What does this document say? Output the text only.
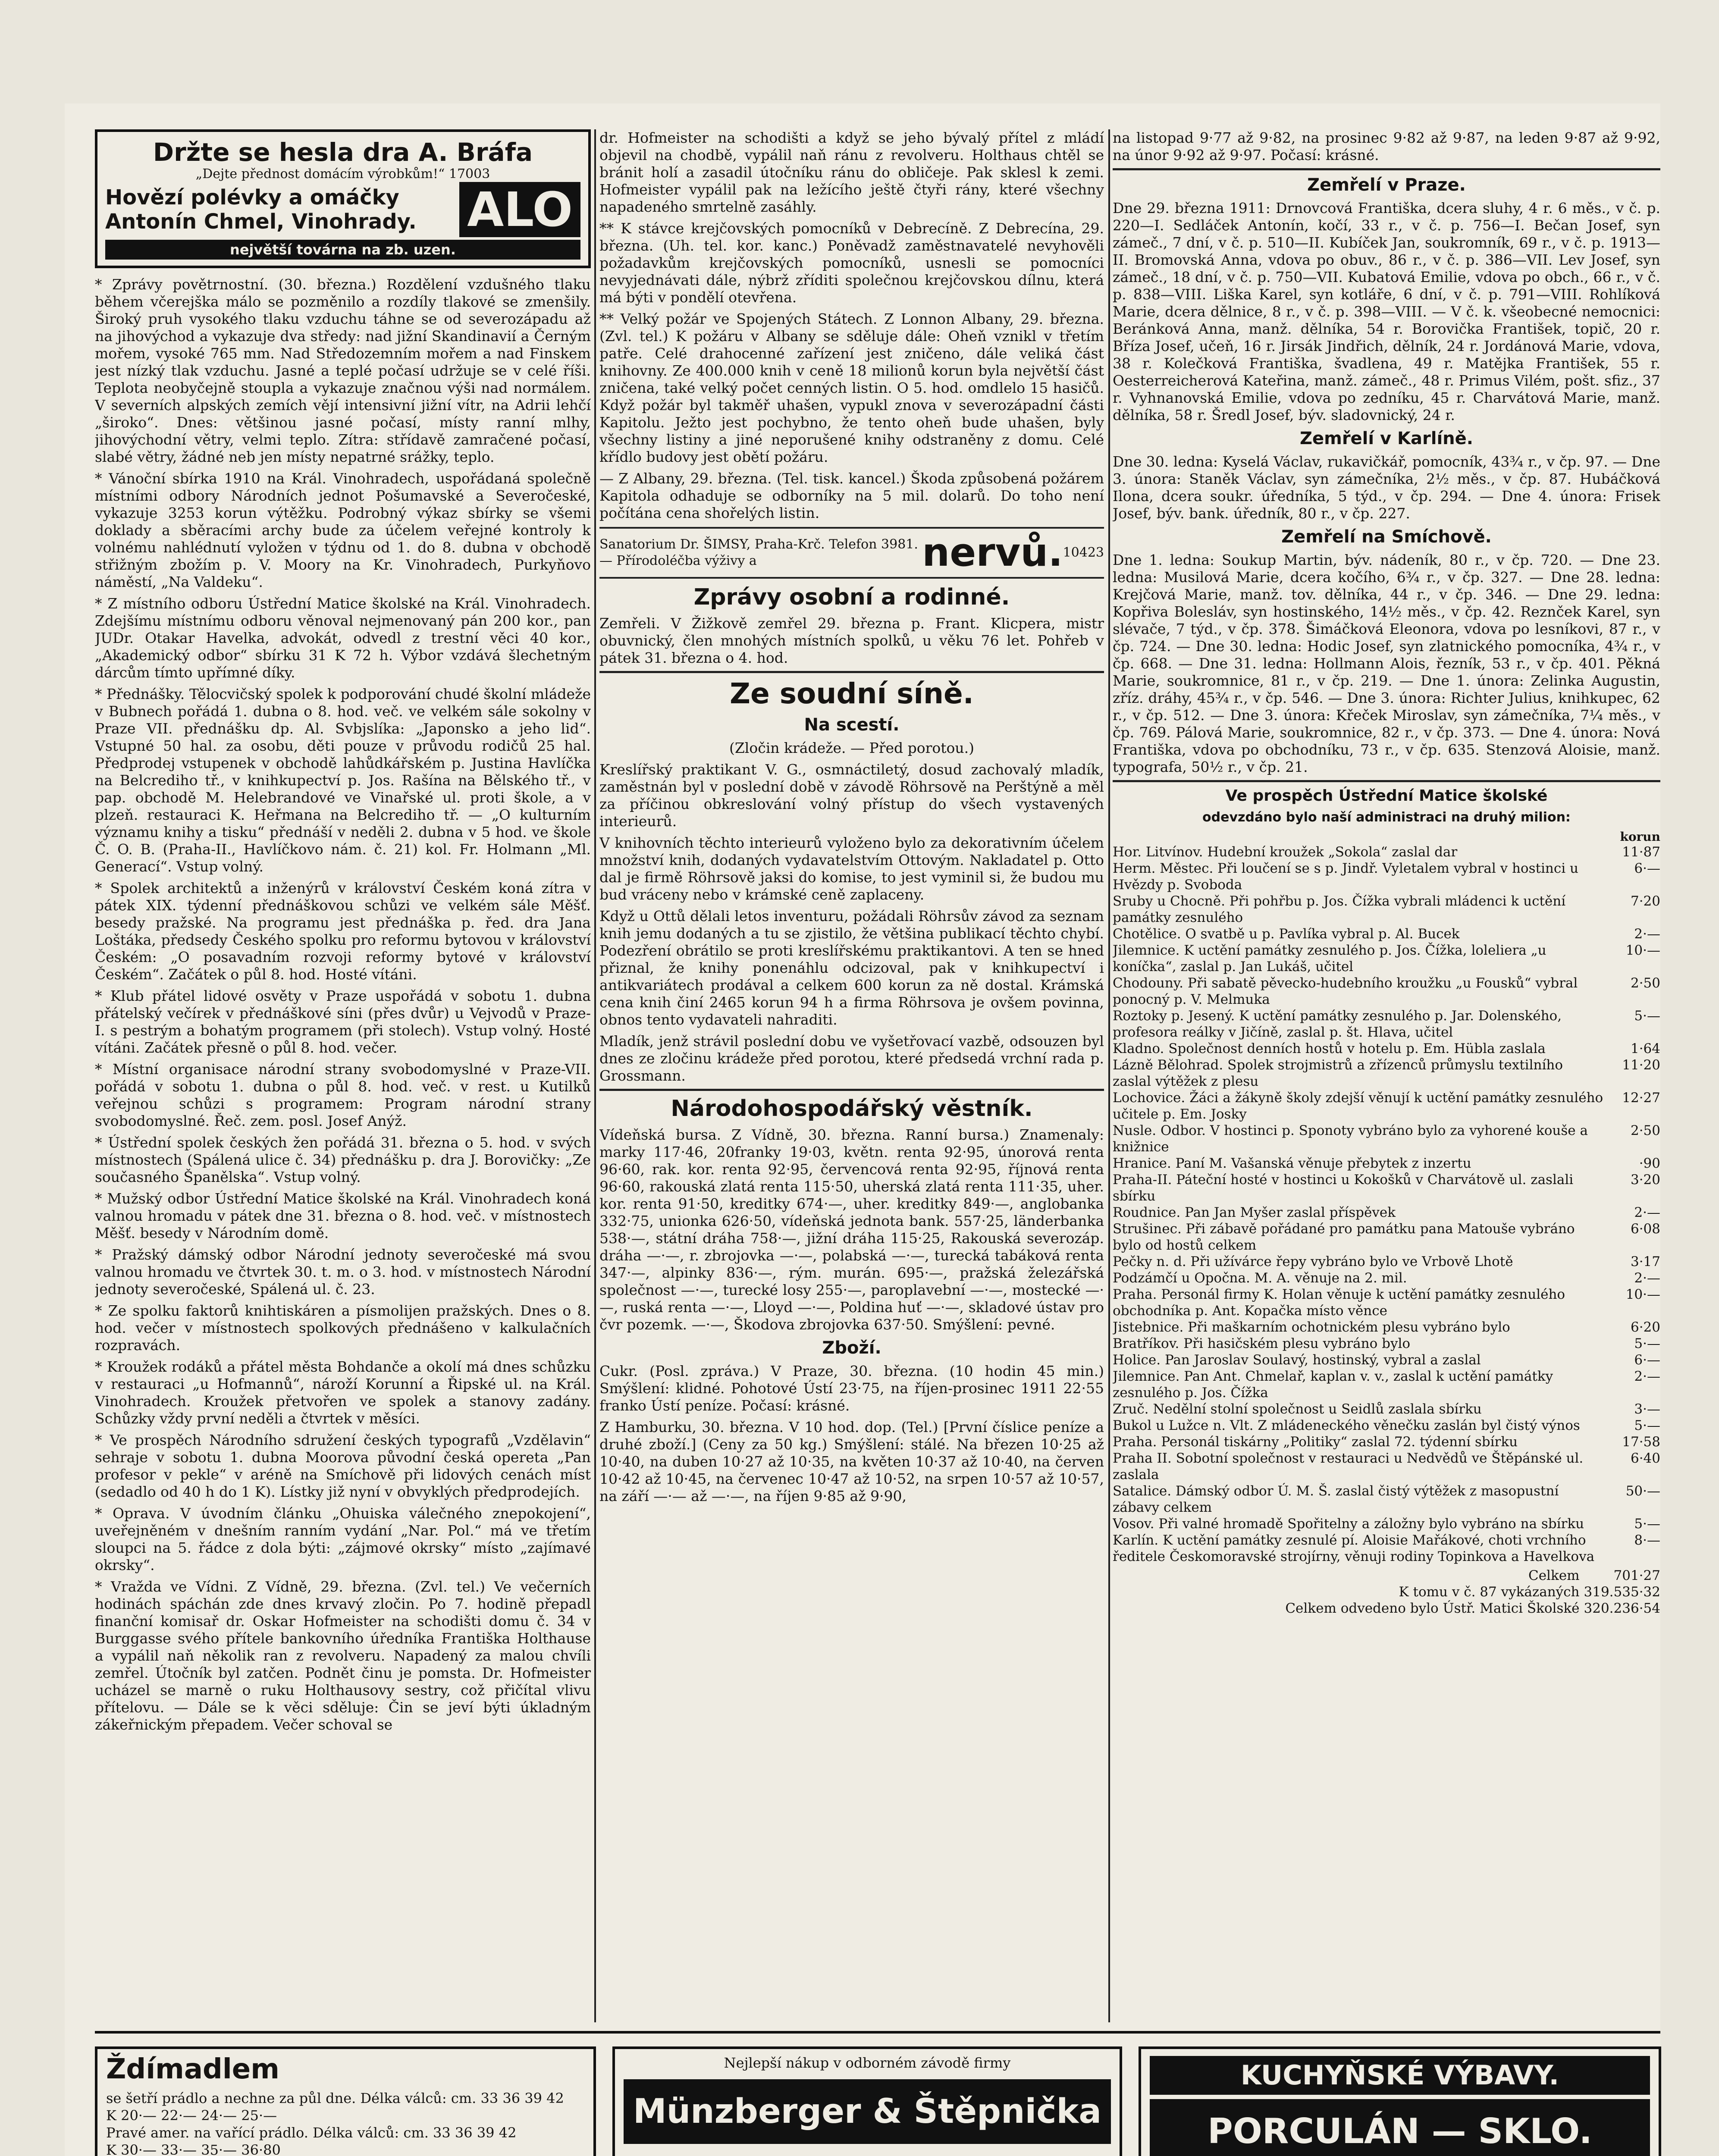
Držte se hesla dra A. Bráfa
„Dejte přednost domácím výrobkům!“ 17003
Hovězí polévky a omáčky
Antonín Chmel, Vinohrady.	ALO
největší továrna na zb. uzen.

* Zprávy povětrnostní. (30. března.) Rozdělení vzdušného tlaku během včerejška málo se pozměnilo a rozdíly tlakové se zmenšily. Široký pruh vysokého tlaku vzduchu táhne se od severozápadu až na jihovýchod a vykazuje dva středy: nad jižní Skandinavií a Černým mořem, vysoké 765 mm. Nad Středozemním mořem a nad Finskem jest nízký tlak vzduchu. Jasné a teplé počasí udržuje se v celé říši. Teplota neobyčejně stoupla a vykazuje značnou výši nad normálem. V severních alpských zemích vějí intensivní jižní vítr, na Adrii lehčí „široko“. Dnes: většinou jasné počasí, místy ranní mlhy, jihovýchodní větry, velmi teplo. Zítra: střídavě zamračené počasí, slabé větry, žádné neb jen místy nepatrné srážky, teplo.

* Vánoční sbírka 1910 na Král. Vinohradech, uspořádaná společně místními odbory Národních jednot Pošumavské a Severočeské, vykazuje 3253 korun výtěžku. Podrobný výkaz sbírky se všemi doklady a sběracími archy bude za účelem veřejné kontroly k volnému nahlédnutí vyložen v týdnu od 1. do 8. dubna v obchodě střižným zbožím p. V. Moory na Kr. Vinohradech, Purkyňovo náměstí, „Na Valdeku“.

* Z místního odboru Ústřední Matice školské na Král. Vinohradech. Zdejšímu místnímu odboru věnoval nejmenovaný pán 200 kor., pan JUDr. Otakar Havelka, advokát, odvedl z trestní věci 40 kor., „Akademický odbor“ sbírku 31 K 72 h. Výbor vzdává šlechetným dárcům tímto upřímné díky.

* Přednášky. Tělocvičský spolek k podporování chudé školní mládeže v Bubnech pořádá 1. dubna o 8. hod. več. ve velkém sále sokolny v Praze VII. přednášku dp. Al. Svbjslíka: „Japonsko a jeho lid“. Vstupné 50 hal. za osobu, děti pouze v průvodu rodičů 25 hal. Předprodej vstupenek v obchodě lahůdkářském p. Justina Havlíčka na Belcrediho tř., v knihkupectví p. Jos. Rašína na Bělského tř., v pap. obchodě M. Helebrandové ve Vinařské ul. proti škole, a v plzeň. restauraci K. Heřmana na Belcrediho tř. — „O kulturním významu knihy a tisku“ přednáší v neděli 2. dubna v 5 hod. ve škole Č. O. B. (Praha-II., Havlíčkovo nám. č. 21) kol. Fr. Holmann „Ml. Generací“. Vstup volný.

* Spolek architektů a inženýrů v království Českém koná zítra v pátek XIX. týdenní přednáškovou schůzi ve velkém sále Měšť. besedy pražské. Na programu jest přednáška p. řed. dra Jana Loštáka, předsedy Českého spolku pro reformu bytovou v království Českém: „O posavadním rozvoji reformy bytové v království Českém“. Začátek o půl 8. hod. Hosté vítáni.

* Klub přátel lidové osvěty v Praze uspořádá v sobotu 1. dubna přátelský večírek v přednáškové síni (přes dvůr) u Vejvodů v Praze-I. s pestrým a bohatým programem (při stolech). Vstup volný. Hosté vítáni. Začátek přesně o půl 8. hod. večer.

* Místní organisace národní strany svobodomyslné v Praze-VII. pořádá v sobotu 1. dubna o půl 8. hod. več. v rest. u Kutilků veřejnou schůzi s programem: Program národní strany svobodomyslné. Řeč. zem. posl. Josef Anýž.

* Ústřední spolek českých žen pořádá 31. března o 5. hod. v svých místnostech (Spálená ulice č. 34) přednášku p. dra J. Borovičky: „Ze současného Španělska“. Vstup volný.

* Mužský odbor Ústřední Matice školské na Král. Vinohradech koná valnou hromadu v pátek dne 31. března o 8. hod. več. v místnostech Měšť. besedy v Národním domě.

* Pražský dámský odbor Národní jednoty severočeské má svou valnou hromadu ve čtvrtek 30. t. m. o 3. hod. v místnostech Národní jednoty severočeské, Spálená ul. č. 23.

* Ze spolku faktorů knihtiskáren a písmolijen pražských. Dnes o 8. hod. večer v místnostech spolkových přednášeno v kalkulačních rozpravách.

* Kroužek rodáků a přátel města Bohdanče a okolí má dnes schůzku v restauraci „u Hofmannů“, nároží Korunní a Řipské ul. na Král. Vinohradech. Kroužek přetvořen ve spolek a stanovy zadány. Schůzky vždy první neděli a čtvrtek v měsíci.

* Ve prospěch Národního sdružení českých typografů „Vzdělavin“ sehraje v sobotu 1. dubna Moorova původní česká opereta „Pan profesor v pekle“ v aréně na Smíchově při lidových cenách míst (sedadlo od 40 h do 1 K). Lístky již nyní v obvyklých předprodejích.

* Oprava. V úvodním článku „Ohuiska válečného znepokojení“, uveřejněném v dnešním ranním vydání „Nar. Pol.“ má ve třetím sloupci na 5. řádce z dola býti: „zájmové okrsky“ místo „zajímavé okrsky“.

* Vražda ve Vídni. Z Vídně, 29. března. (Zvl. tel.) Ve večerních hodinách spáchán zde dnes krvavý zločin. Po 7. hodině přepadl finanční komisař dr. Oskar Hofmeister na schodišti domu č. 34 v Burggasse svého přítele bankovního úředníka Františka Holthause a vypálil naň několik ran z revolveru. Napadený za malou chvíli zemřel. Útočník byl zatčen. Podnět činu je pomsta. Dr. Hofmeister ucházel se marně o ruku Holthausovy sestry, což přičítal vlivu přítelovu. — Dále se k věci sděluje: Čin se jeví býti úkladným zákeřnickým přepadem. Večer schoval se

dr. Hofmeister na schodišti a když se jeho bývalý přítel z mládí objevil na chodbě, vypálil naň ránu z revolveru. Holthaus chtěl se bránit holí a zasadil útočníku ránu do obličeje. Pak sklesl k zemi. Hofmeister vypálil pak na ležícího ještě čtyři rány, které všechny napadeného smrtelně zasáhly.

** K stávce krejčovských pomocníků v Debrecíně. Z Debrecína, 29. března. (Uh. tel. kor. kanc.) Poněvadž zaměstnavatelé nevyhověli požadavkům krejčovských pomocníků, usnesli se pomocníci nevyjednávati dále, nýbrž zříditi společnou krejčovskou dílnu, která má býti v pondělí otevřena.

** Velký požár ve Spojených Státech. Z Lonnon Albany, 29. března. (Zvl. tel.) K požáru v Albany se sděluje dále: Oheň vznikl v třetím patře. Celé drahocenné zařízení jest zničeno, dále veliká část knihovny. Ze 400.000 knih v ceně 18 milionů korun byla největší část zničena, také velký počet cenných listin. O 5. hod. omdlelo 15 hasičů. Když požár byl takměř uhašen, vypukl znova v severozápadní části Kapitolu. Ježto jest pochybno, že tento oheň bude uhašen, byly všechny listiny a jiné neporušené knihy odstraněny z domu. Celé křídlo budovy jest obětí požáru.

— Z Albany, 29. března. (Tel. tisk. kancel.) Škoda způsobená požárem Kapitola odhaduje se odborníky na 5 mil. dolarů. Do toho není počítána cena shořelých listin.

Sanatorium Dr. ŠIMSY, Praha-Krč. Telefon 3981. — Přírodoléčba výživy a	nervů. 10423
Zprávy osobní a rodinné.

Zemřeli. V Žižkově zemřel 29. března p. Frant. Klicpera, mistr obuvnický, člen mnohých místních spolků, u věku 76 let. Pohřeb v pátek 31. března o 4. hod.

Ze soudní síně.
Na scestí.

(Zločin krádeže. — Před porotou.)

Kreslířský praktikant V. G., osmnáctiletý, dosud zachovalý mladík, zaměstnán byl v poslední době v závodě Röhrsově na Perštýně a měl za příčinou obkreslování volný přístup do všech vystavených interieurů.

V knihovních těchto interieurů vyloženo bylo za dekorativním účelem množství knih, dodaných vydavatelstvím Ottovým. Nakladatel p. Otto dal je firmě Röhrsově jaksi do komise, to jest vyminil si, že budou mu bud vráceny nebo v krámské ceně zaplaceny.

Když u Ottů dělali letos inventuru, požádali Röhrsův závod za seznam knih jemu dodaných a tu se zjistilo, že většina publikací těchto chybí. Podezření obrátilo se proti kreslířskému praktikantovi. A ten se hned přiznal, že knihy ponenáhlu odcizoval, pak v knihkupectví i antikvariátech prodával a celkem 600 korun za ně dostal. Krámská cena knih činí 2465 korun 94 h a firma Röhrsova je ovšem povinna, obnos tento vydavateli nahraditi.

Mladík, jenž strávil poslední dobu ve vyšetřovací vazbě, odsouzen byl dnes ze zločinu krádeže před porotou, které předsedá vrchní rada p. Grossmann.

Národohospodářský věstník.

Vídeňská bursa. Z Vídně, 30. března. Ranní bursa.) Znamenaly: marky 117·46, 20franky 19·03, květn. renta 92·95, únorová renta 96·60, rak. kor. renta 92·95, červencová renta 92·95, říjnová renta 96·60, rakouská zlatá renta 115·50, uherská zlatá renta 111·35, uher. kor. renta 91·50, kreditky 674·—, uher. kreditky 849·—, anglobanka 332·75, unionka 626·50, vídeňská jednota bank. 557·25, länderbanka 538·—, státní dráha 758·—, jižní dráha 115·25, Rakouská severozáp. dráha —·—, r. zbrojovka —·—, polabská —·—, turecká tabáková renta 347·—, alpinky 836·—, rým. murán. 695·—, pražská železářská společnost —·—, turecké losy 255·—, paroplavební —·—, mostecké —·—, ruská renta —·—, Lloyd —·—, Poldina huť —·—, skladové ústav pro čvr pozemk. —·—, Škodova zbrojovka 637·50. Smýšlení: pevné.

Zboží.

Cukr. (Posl. zpráva.) V Praze, 30. března. (10 hodin 45 min.) Smýšlení: klidné. Pohotové Ústí 23·75, na říjen-prosinec 1911 22·55 franko Ústí peníze. Počasí: krásné.

Z Hamburku, 30. března. V 10 hod. dop. (Tel.) [První číslice peníze a druhé zboží.] (Ceny za 50 kg.) Smýšlení: stálé. Na březen 10·25 až 10·40, na duben 10·27 až 10·35, na květen 10·37 až 10·40, na červen 10·42 až 10·45, na červenec 10·47 až 10·52, na srpen 10·57 až 10·57, na září —·— až —·—, na říjen 9·85 až 9·90,

na listopad 9·77 až 9·82, na prosinec 9·82 až 9·87, na leden 9·87 až 9·92, na únor 9·92 až 9·97. Počasí: krásné.

Zemřelí v Praze.

Dne 29. března 1911: Drnovcová Františka, dcera sluhy, 4 r. 6 měs., v č. p. 220—I. Sedláček Antonín, kočí, 33 r., v č. p. 756—I. Bečan Josef, syn zámeč., 7 dní, v č. p. 510—II. Kubíček Jan, soukromník, 69 r., v č. p. 1913—II. Bromovská Anna, vdova po obuv., 86 r., v č. p. 386—VII. Lev Josef, syn zámeč., 18 dní, v č. p. 750—VII. Kubatová Emilie, vdova po obch., 66 r., v č. p. 838—VIII. Liška Karel, syn kotláře, 6 dní, v č. p. 791—VIII. Rohlíková Marie, dcera dělnice, 8 r., v č. p. 398—VIII. — V č. k. všeobecné nemocnici: Beránková Anna, manž. dělníka, 54 r. Borovička František, topič, 20 r. Bříza Josef, učeň, 16 r. Jirsák Jindřich, dělník, 24 r. Jordánová Marie, vdova, 38 r. Kolečková Františka, švadlena, 49 r. Matějka František, 55 r. Oesterreicherová Kateřina, manž. zámeč., 48 r. Primus Vilém, pošt. sfiz., 37 r. Vyhnanovská Emilie, vdova po zedníku, 45 r. Charvátová Marie, manž. dělníka, 58 r. Šredl Josef, býv. sladovnický, 24 r.

Zemřelí v Karlíně.

Dne 30. ledna: Kyselá Václav, rukavičkář, pomocník, 43¾ r., v čp. 97. — Dne 3. února: Staněk Václav, syn zámečníka, 2½ měs., v čp. 87. Hubáčková Ilona, dcera soukr. úředníka, 5 týd., v čp. 294. — Dne 4. února: Frisek Josef, býv. bank. úředník, 80 r., v čp. 227.

Zemřelí na Smíchově.

Dne 1. ledna: Soukup Martin, býv. nádeník, 80 r., v čp. 720. — Dne 23. ledna: Musilová Marie, dcera kočího, 6¾ r., v čp. 327. — Dne 28. ledna: Krejčová Marie, manž. tov. dělníka, 44 r., v čp. 346. — Dne 29. ledna: Kopřiva Bolesláv, syn hostinského, 14½ měs., v čp. 42. Reznček Karel, syn slévače, 7 týd., v čp. 378. Šimáčková Eleonora, vdova po lesníkovi, 87 r., v čp. 724. — Dne 30. ledna: Hodic Josef, syn zlatnického pomocníka, 4¾ r., v čp. 668. — Dne 31. ledna: Hollmann Alois, řezník, 53 r., v čp. 401. Pěkná Marie, soukromnice, 81 r., v čp. 219. — Dne 1. února: Zelinka Augustin, zříz. dráhy, 45¾ r., v čp. 546. — Dne 3. února: Richter Julius, knihkupec, 62 r., v čp. 512. — Dne 3. února: Křeček Miroslav, syn zámečníka, 7¼ měs., v čp. 769. Pálová Marie, soukromnice, 82 r., v čp. 373. — Dne 4. února: Nová Františka, vdova po obchodníku, 73 r., v čp. 635. Stenzová Aloisie, manž. typografa, 50½ r., v čp. 21.

Ve prospěch Ústřední Matice školské
odevzdáno bylo naší administraci na druhý milion:
korun
Hor. Litvínov. Hudební kroužek „Sokola“ zaslal dar	11·87
Herm. Městec. Při loučení se s p. Jindř. Vyletalem vybral v hostinci u Hvězdy p. Svoboda	6·—
Sruby u Chocně. Při pohřbu p. Jos. Čížka vybrali mládenci k uctění památky zesnulého	7·20
Chotělice. O svatbě u p. Pavlíka vybral p. Al. Bucek	2·—
Jilemnice. K uctění památky zesnulého p. Jos. Čížka, loleliera „u koníčka“, zaslal p. Jan Lukáš, učitel	10·—
Chodouny. Při sabatě pěvecko-hudebního kroužku „u Fousků“ vybral ponocný p. V. Melmuka	2·50
Roztoky p. Jesený. K uctění památky zesnulého p. Jar. Dolenského, profesora reálky v Jičíně, zaslal p. št. Hlava, učitel	5·—
Kladno. Společnost denních hostů v hotelu p. Em. Hübla zaslala	1·64
Lázně Bělohrad. Spolek strojmistrů a zřízenců průmyslu textilního zaslal výtěžek z plesu	11·20
Lochovice. Žáci a žákyně školy zdejší věnují k uctění památky zesnulého učitele p. Em. Josky	12·27
Nusle. Odbor. V hostinci p. Sponoty vybráno bylo za vyhorené kouše a knižnice	2·50
Hranice. Paní M. Vašanská věnuje přebytek z inzertu	·90
Praha-II. Páteční hosté v hostinci u Kokošků v Charvátově ul. zaslali sbírku	3·20
Roudnice. Pan Jan Myšer zaslal příspěvek	2·—
Strušinec. Při zábavě pořádané pro památku pana Matouše vybráno bylo od hostů celkem	6·08
Pečky n. d. Při užívárce řepy vybráno bylo ve Vrbově Lhotě	3·17
Podzámčí u Opočna. M. A. věnuje na 2. mil.	2·—
Praha. Personál firmy K. Holan věnuje k uctění památky zesnulého obchodníka p. Ant. Kopačka místo věnce	10·—
Jistebnice. Při maškarním ochotnickém plesu vybráno bylo	6·20
Bratříkov. Při hasičském plesu vybráno bylo	5·—
Holice. Pan Jaroslav Soulavý, hostinský, vybral a zaslal	6·—
Jilemnice. Pan Ant. Chmelař, kaplan v. v., zaslal k uctění památky zesnulého p. Jos. Čížka	2·—
Zruč. Nedělní stolní společnost u Seidlů zaslala sbírku	3·—
Bukol u Lužce n. Vlt. Z mládeneckého věnečku zaslán byl čistý výnos	5·—
Praha. Personál tiskárny „Politiky“ zaslal 72. týdenní sbírku	17·58
Praha II. Sobotní společnost v restauraci u Nedvědů ve Štěpánské ul. zaslala	6·40
Satalice. Dámský odbor Ú. M. Š. zaslal čistý výtěžek z masopustní zábavy celkem	50·—
Vosov. Při valné hromadě Spořitelny a záložny bylo vybráno na sbírku	5·—
Karlín. K uctění památky zesnulé pí. Aloisie Mařákové, choti vrchního ředitele Českomoravské strojírny, věnuji rodiny Topinkova a Havelkova	8·—
Celkem	701·27
K tomu v č. 87 vykázaných	319.535·32
Celkem odvedeno bylo Ústř. Matici Školské	320.236·54
Ždímadlem
se šetří prádlo a nechne za půl dne. Délka válců: cm. 33 36 39 42
K 20·— 22·— 24·— 25·—
Pravé amer. na vařící prádlo. Délka válců: cm. 33 36 39 42
K 30·— 33·— 35·— 36·80
Nejlepší nákup v odborném závodě firmy
Münzberger & Štěpnička
KUCHYŇSKÉ VÝBAVY.
PORCULÁN — SKLO.
